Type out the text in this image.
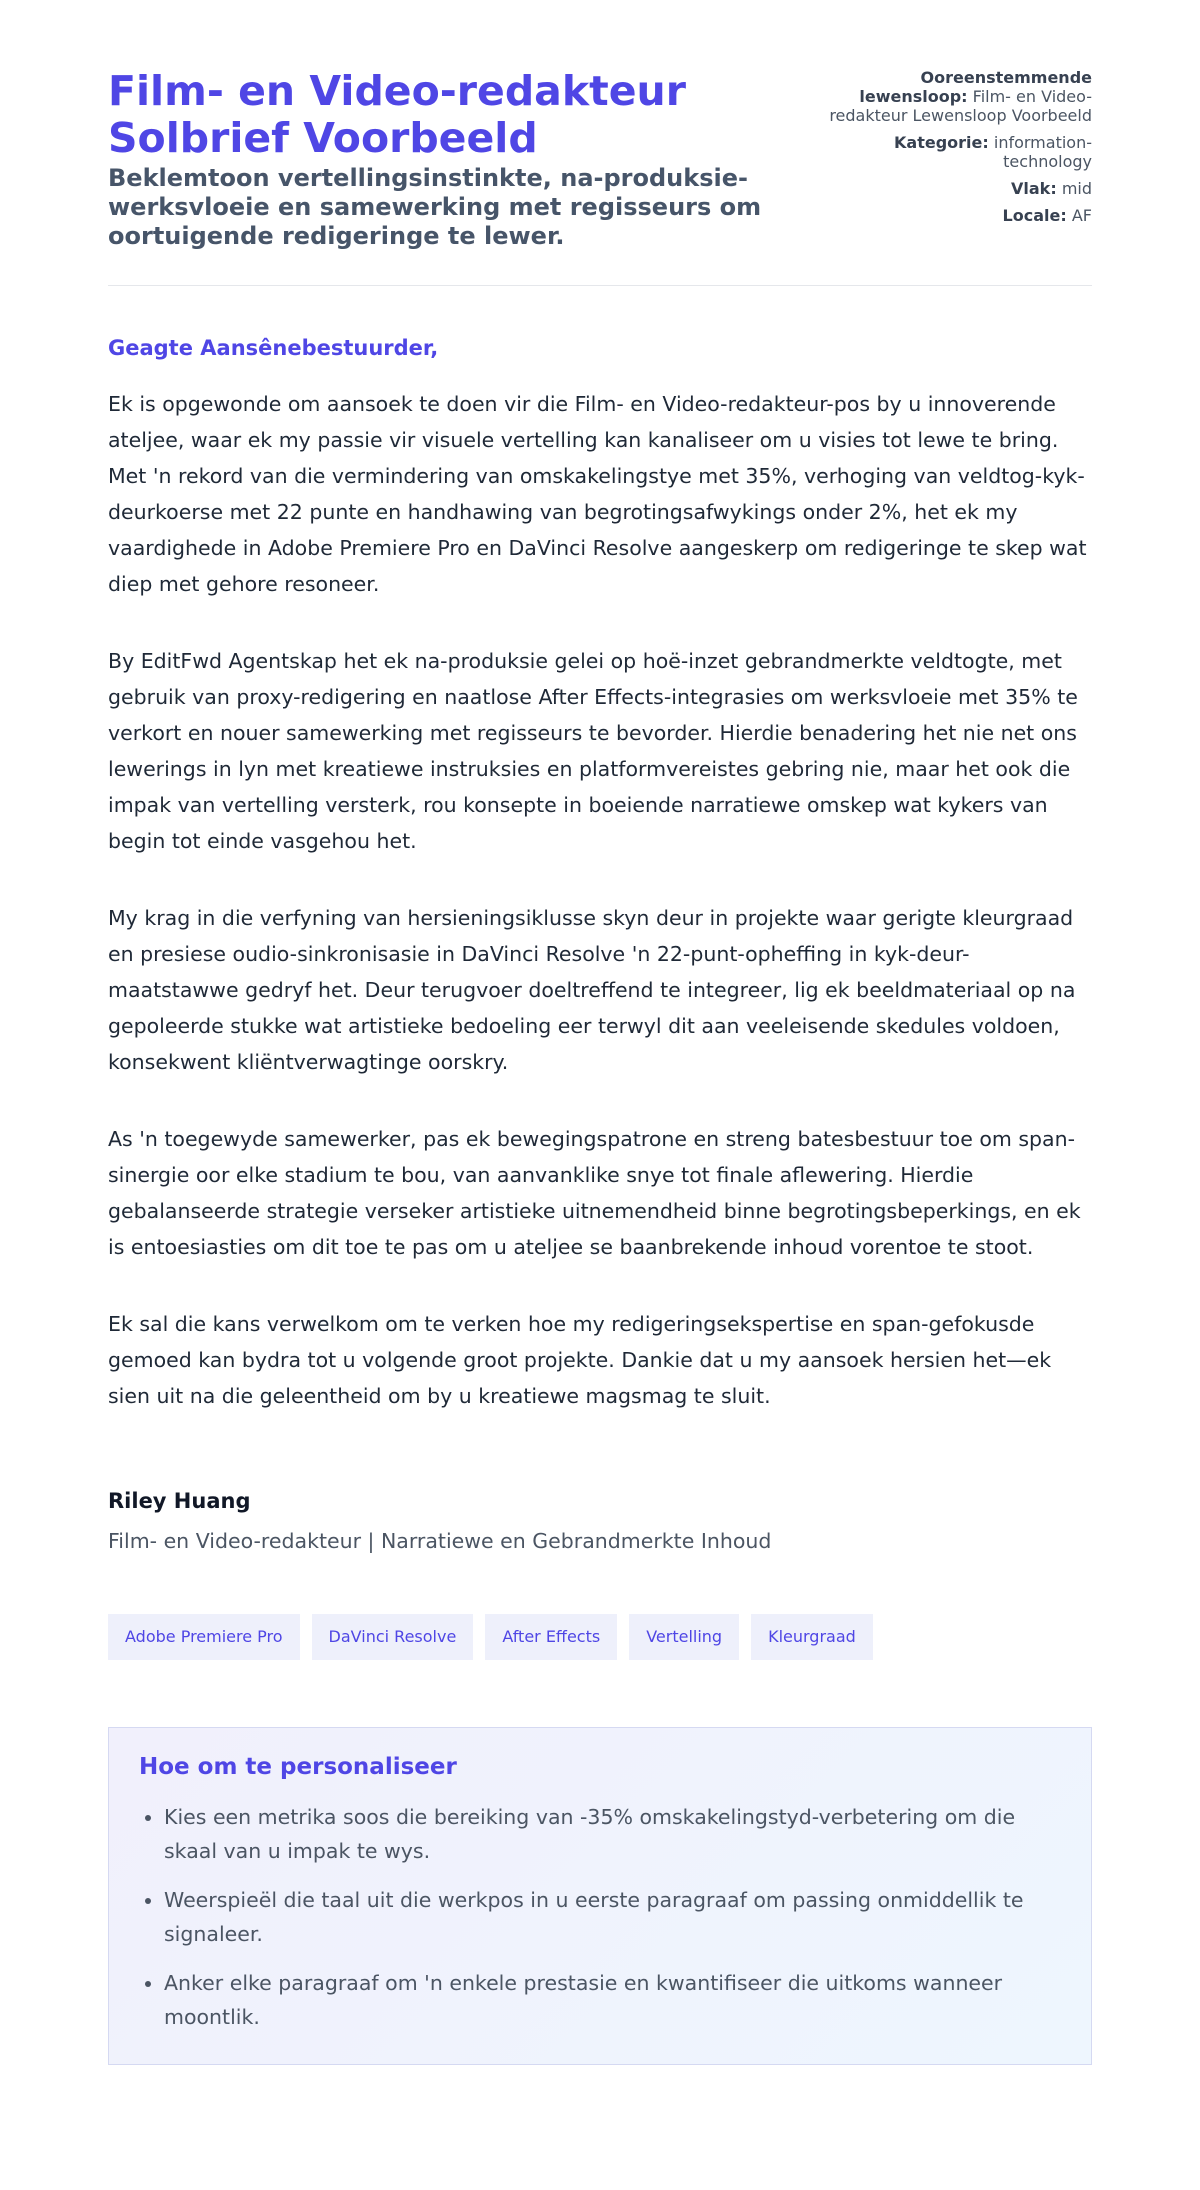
Film- en Video-redakteur Solbrief Voorbeeld
Beklemtoon vertellingsinstinkte, na-produksie-werksvloeie en samewerking met regisseurs om oortuigende redigeringe te lewer.
Ooreenstemmende lewensloop: Film- en Video-redakteur Lewensloop Voorbeeld
Kategorie: information-technology
Vlak: mid
Locale: AF

Geagte Aansênebestuurder,

Ek is opgewonde om aansoek te doen vir die Film- en Video-redakteur-pos by u innoverende ateljee, waar ek my passie vir visuele vertelling kan kanaliseer om u visies tot lewe te bring. Met 'n rekord van die vermindering van omskakelingstye met 35%, verhoging van veldtog-kyk-deurkoerse met 22 punte en handhawing van begrotingsafwykings onder 2%, het ek my vaardighede in Adobe Premiere Pro en DaVinci Resolve aangeskerp om redigeringe te skep wat diep met gehore resoneer.

By EditFwd Agentskap het ek na-produksie gelei op hoë-inzet gebrandmerkte veldtogte, met gebruik van proxy-redigering en naatlose After Effects-integrasies om werksvloeie met 35% te verkort en nouer samewerking met regisseurs te bevorder. Hierdie benadering het nie net ons lewerings in lyn met kreatiewe instruksies en platformvereistes gebring nie, maar het ook die impak van vertelling versterk, rou konsepte in boeiende narratiewe omskep wat kykers van begin tot einde vasgehou het.

My krag in die verfyning van hersieningsiklusse skyn deur in projekte waar gerigte kleurgraad en presiese oudio-sinkronisasie in DaVinci Resolve 'n 22-punt-opheffing in kyk-deur-maatstawwe gedryf het. Deur terugvoer doeltreffend te integreer, lig ek beeldmateriaal op na gepoleerde stukke wat artistieke bedoeling eer terwyl dit aan veeleisende skedules voldoen, konsekwent kliëntverwagtinge oorskry.

As 'n toegewyde samewerker, pas ek bewegingspatrone en streng batesbestuur toe om span-sinergie oor elke stadium te bou, van aanvanklike snye tot finale aflewering. Hierdie gebalanseerde strategie verseker artistieke uitnemendheid binne begrotingsbeperkings, en ek is entoesiasties om dit toe te pas om u ateljee se baanbrekende inhoud vorentoe te stoot.

Ek sal die kans verwelkom om te verken hoe my redigeringsekspertise en span-gefokusde gemoed kan bydra tot u volgende groot projekte. Dankie dat u my aansoek hersien het—ek sien uit na die geleentheid om by u kreatiewe magsmag te sluit.

Riley Huang
Film- en Video-redakteur | Narratiewe en Gebrandmerkte Inhoud
Adobe Premiere Pro	DaVinci Resolve	After Effects	Vertelling	Kleurgraad
Hoe om te personaliseer
• Kies een metrika soos die bereiking van -35% omskakelingstyd-verbetering om die skaal van u impak te wys.
• Weerspieël die taal uit die werkpos in u eerste paragraaf om passing onmiddellik te signaleer.
• Anker elke paragraaf om 'n enkele prestasie en kwantifiseer die uitkoms wanneer moontlik.
